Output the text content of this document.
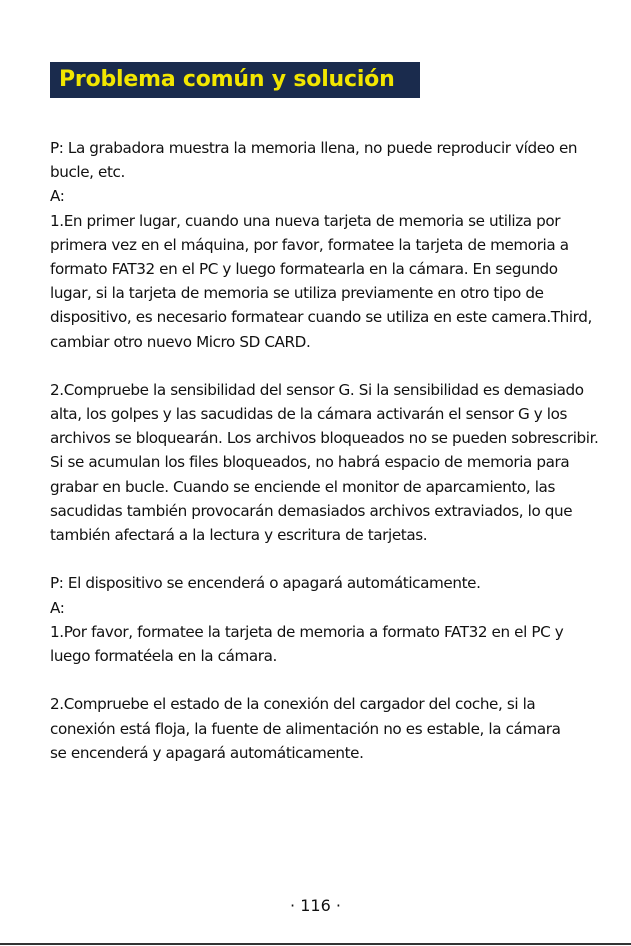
Problema común y solución
P: La grabadora muestra la memoria llena, no puede reproducir vídeo en
bucle, etc.
A:
1.En primer lugar, cuando una nueva tarjeta de memoria se utiliza por
primera vez en el máquina, por favor, formatee la tarjeta de memoria a
formato FAT32 en el PC y luego formatearla en la cámara. En segundo
lugar, si la tarjeta de memoria se utiliza previamente en otro tipo de
dispositivo, es necesario formatear cuando se utiliza en este camera.Third,
cambiar otro nuevo Micro SD CARD.
2.Compruebe la sensibilidad del sensor G. Si la sensibilidad es demasiado
alta, los golpes y las sacudidas de la cámara activarán el sensor G y los
archivos se bloquearán. Los archivos bloqueados no se pueden sobrescribir.
Si se acumulan los files bloqueados, no habrá espacio de memoria para
grabar en bucle. Cuando se enciende el monitor de aparcamiento, las
sacudidas también provocarán demasiados archivos extraviados, lo que
también afectará a la lectura y escritura de tarjetas.
P: El dispositivo se encenderá o apagará automáticamente.
A:
1.Por favor, formatee la tarjeta de memoria a formato FAT32 en el PC y
luego formatéela en la cámara.
2.Compruebe el estado de la conexión del cargador del coche, si la
conexión está floja, la fuente de alimentación no es estable, la cámara
se encenderá y apagará automáticamente.
· 116 ·
